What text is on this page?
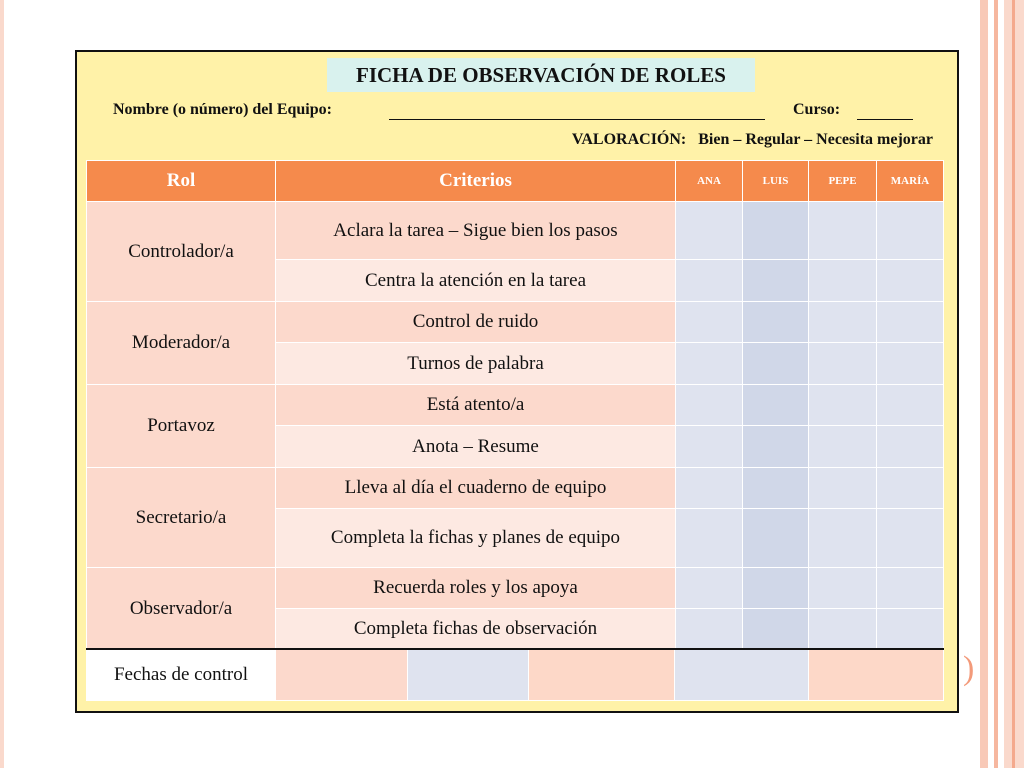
)
FICHA DE OBSERVACIÓN DE ROLES
Nombre (o número) del Equipo:	Curso:
VALORACIÓN:   Bien – Regular – Necesita mejorar
Rol	Criterios	ANA	LUIS	PEPE	MARÍA
Controlador/a	Aclara la tarea – Sigue bien los pasos				
	Centra la atención en la tarea				
Moderador/a	Control de ruido				
	Turnos de palabra				
Portavoz	Está atento/a				
	Anota – Resume				
Secretario/a	Lleva al día el cuaderno de equipo				
	Completa la fichas y planes de equipo				
Observador/a	Recuerda roles y los apoya				
	Completa fichas de observación				
Fechas de control					
